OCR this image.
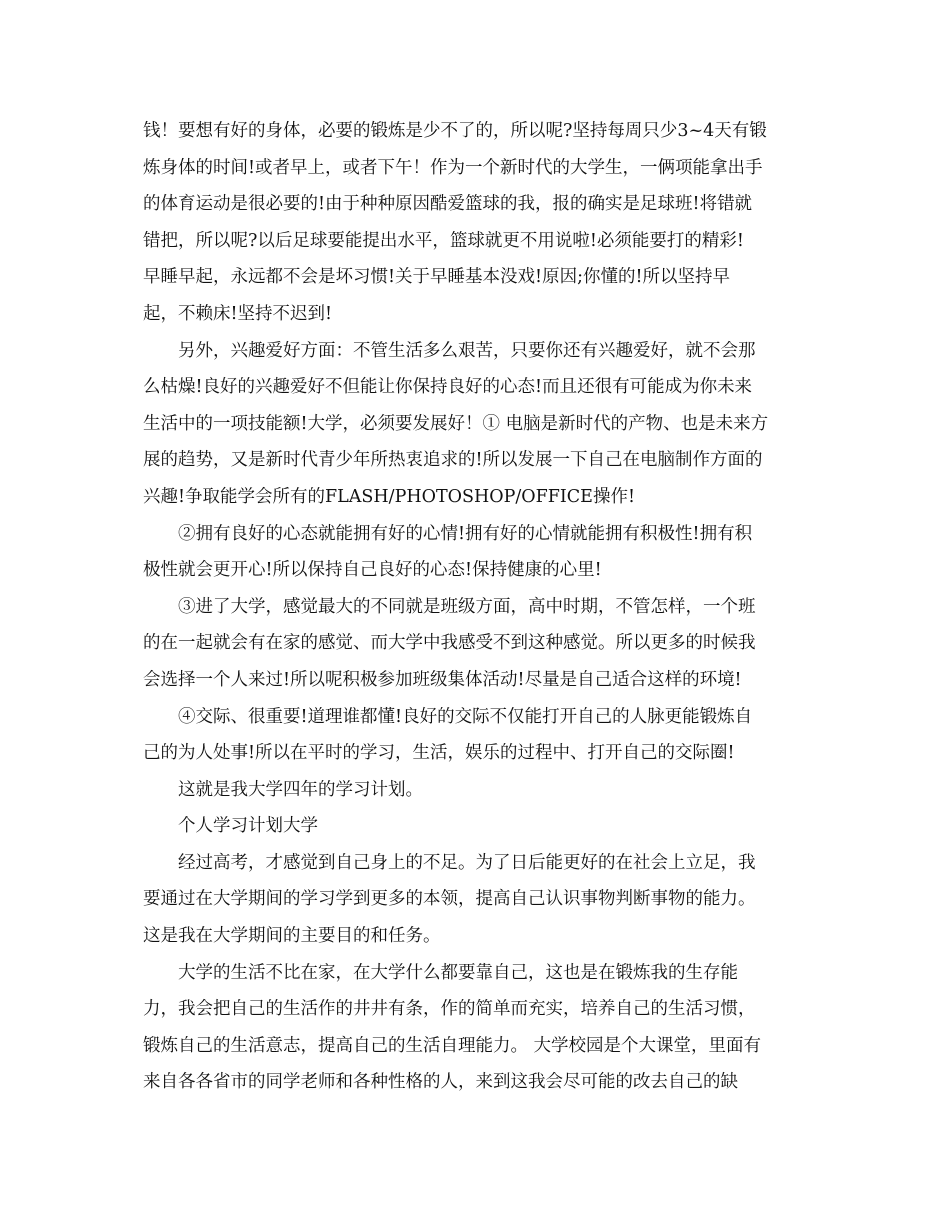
钱！要想有好的身体，必要的锻炼是少不了的，所以呢?坚持每周只少3~4天有锻
炼身体的时间!或者早上，或者下午！作为一个新时代的大学生，一俩项能拿出手
的体育运动是很必要的!由于种种原因酷爱篮球的我，报的确实是足球班!将错就
错把，所以呢?以后足球要能提出水平，篮球就更不用说啦!必须能要打的精彩!
早睡早起，永远都不会是坏习惯!关于早睡基本没戏!原因;你懂的!所以坚持早
起，不赖床!坚持不迟到!
另外，兴趣爱好方面：不管生活多么艰苦，只要你还有兴趣爱好，就不会那
么枯燥!良好的兴趣爱好不但能让你保持良好的心态!而且还很有可能成为你未来
生活中的一项技能额!大学，必须要发展好！① 电脑是新时代的产物、也是未来方
展的趋势，又是新时代青少年所热衷追求的!所以发展一下自己在电脑制作方面的
兴趣!争取能学会所有的FLASH/PHOTOSHOP/OFFICE操作!
②拥有良好的心态就能拥有好的心情!拥有好的心情就能拥有积极性!拥有积
极性就会更开心!所以保持自己良好的心态!保持健康的心里!
③进了大学，感觉最大的不同就是班级方面，高中时期，不管怎样，一个班
的在一起就会有在家的感觉、而大学中我感受不到这种感觉。所以更多的时候我
会选择一个人来过!所以呢积极参加班级集体活动!尽量是自己适合这样的环境!
④交际、很重要!道理谁都懂!良好的交际不仅能打开自己的人脉更能锻炼自
己的为人处事!所以在平时的学习，生活，娱乐的过程中、打开自己的交际圈!
这就是我大学四年的学习计划。
个人学习计划大学
经过高考，才感觉到自己身上的不足。为了日后能更好的在社会上立足，我
要通过在大学期间的学习学到更多的本领，提高自己认识事物判断事物的能力。
这是我在大学期间的主要目的和任务。
大学的生活不比在家，在大学什么都要靠自己，这也是在锻炼我的生存能
力，我会把自己的生活作的井井有条，作的简单而充实，培养自己的生活习惯，
锻炼自己的生活意志，提高自己的生活自理能力。 大学校园是个大课堂，里面有
来自各各省市的同学老师和各种性格的人，来到这我会尽可能的改去自己的缺
